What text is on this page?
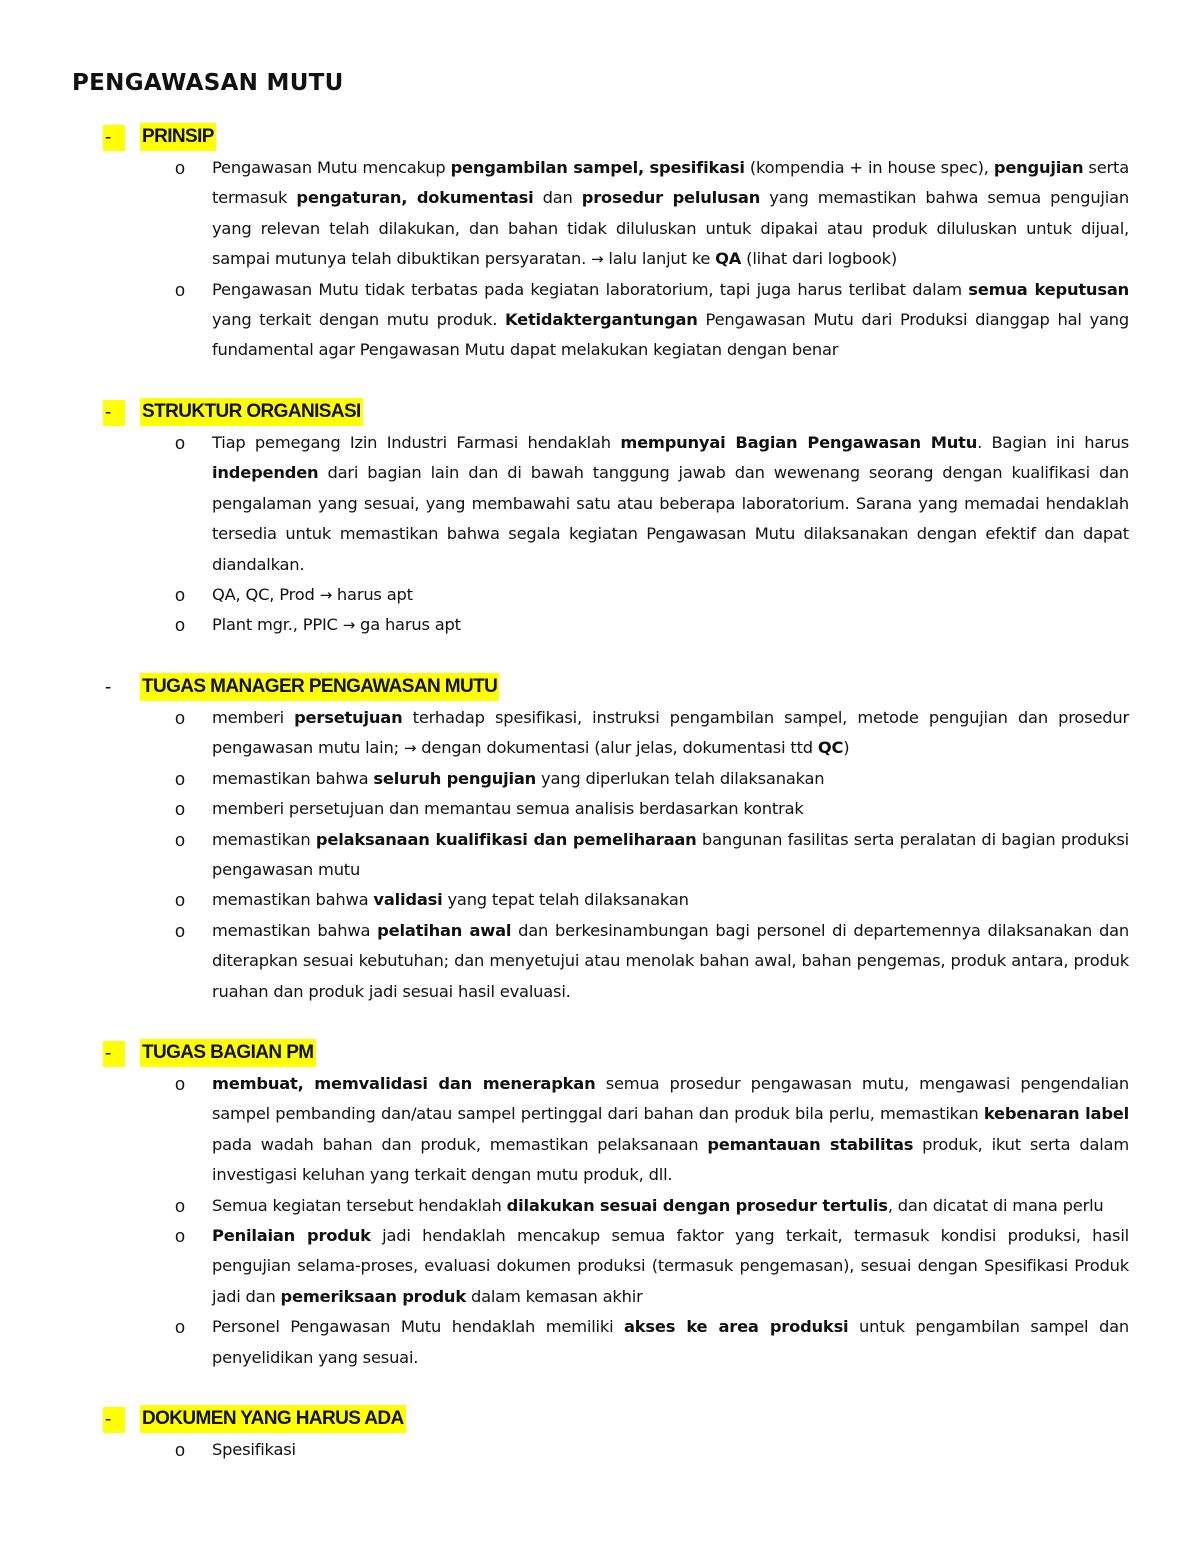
PENGAWASAN MUTU
-	PRINSIP
o	Pengawasan Mutu mencakup pengambilan sampel, spesifikasi (kompendia + in house spec), pengujian serta termasuk pengaturan, dokumentasi dan prosedur pelulusan yang memastikan bahwa semua pengujian yang relevan telah dilakukan, dan bahan tidak diluluskan untuk dipakai atau produk diluluskan untuk dijual, sampai mutunya telah dibuktikan persyaratan. → lalu lanjut ke QA (lihat dari logbook)
o	Pengawasan Mutu tidak terbatas pada kegiatan laboratorium, tapi juga harus terlibat dalam semua keputusan yang terkait dengan mutu produk. Ketidaktergantungan Pengawasan Mutu dari Produksi dianggap hal yang fundamental agar Pengawasan Mutu dapat melakukan kegiatan dengan benar
-	STRUKTUR ORGANISASI
o	Tiap pemegang Izin Industri Farmasi hendaklah mempunyai Bagian Pengawasan Mutu. Bagian ini harus independen dari bagian lain dan di bawah tanggung jawab dan wewenang seorang dengan kualifikasi dan pengalaman yang sesuai, yang membawahi satu atau beberapa laboratorium. Sarana yang memadai hendaklah tersedia untuk memastikan bahwa segala kegiatan Pengawasan Mutu dilaksanakan dengan efektif dan dapat diandalkan.
o	QA, QC, Prod → harus apt
o	Plant mgr., PPIC → ga harus apt
-	TUGAS MANAGER PENGAWASAN MUTU
o	memberi persetujuan terhadap spesifikasi, instruksi pengambilan sampel, metode pengujian dan prosedur pengawasan mutu lain; → dengan dokumentasi (alur jelas, dokumentasi ttd QC)
o	memastikan bahwa seluruh pengujian yang diperlukan telah dilaksanakan
o	memberi persetujuan dan memantau semua analisis berdasarkan kontrak
o	memastikan pelaksanaan kualifikasi dan pemeliharaan bangunan fasilitas serta peralatan di bagian produksi pengawasan mutu
o	memastikan bahwa validasi yang tepat telah dilaksanakan
o	memastikan bahwa pelatihan awal dan berkesinambungan bagi personel di departemennya dilaksanakan dan diterapkan sesuai kebutuhan; dan menyetujui atau menolak bahan awal, bahan pengemas, produk antara, produk ruahan dan produk jadi sesuai hasil evaluasi.
-	TUGAS BAGIAN PM
o	membuat, memvalidasi dan menerapkan semua prosedur pengawasan mutu, mengawasi pengendalian sampel pembanding dan/atau sampel pertinggal dari bahan dan produk bila perlu, memastikan kebenaran label pada wadah bahan dan produk, memastikan pelaksanaan pemantauan stabilitas produk, ikut serta dalam investigasi keluhan yang terkait dengan mutu produk, dll.
o	Semua kegiatan tersebut hendaklah dilakukan sesuai dengan prosedur tertulis, dan dicatat di mana perlu
o	Penilaian produk jadi hendaklah mencakup semua faktor yang terkait, termasuk kondisi produksi, hasil pengujian selama-proses, evaluasi dokumen produksi (termasuk pengemasan), sesuai dengan Spesifikasi Produk jadi dan pemeriksaan produk dalam kemasan akhir
o	Personel Pengawasan Mutu hendaklah memiliki akses ke area produksi untuk pengambilan sampel dan penyelidikan yang sesuai.
-	DOKUMEN YANG HARUS ADA
o	Spesifikasi
